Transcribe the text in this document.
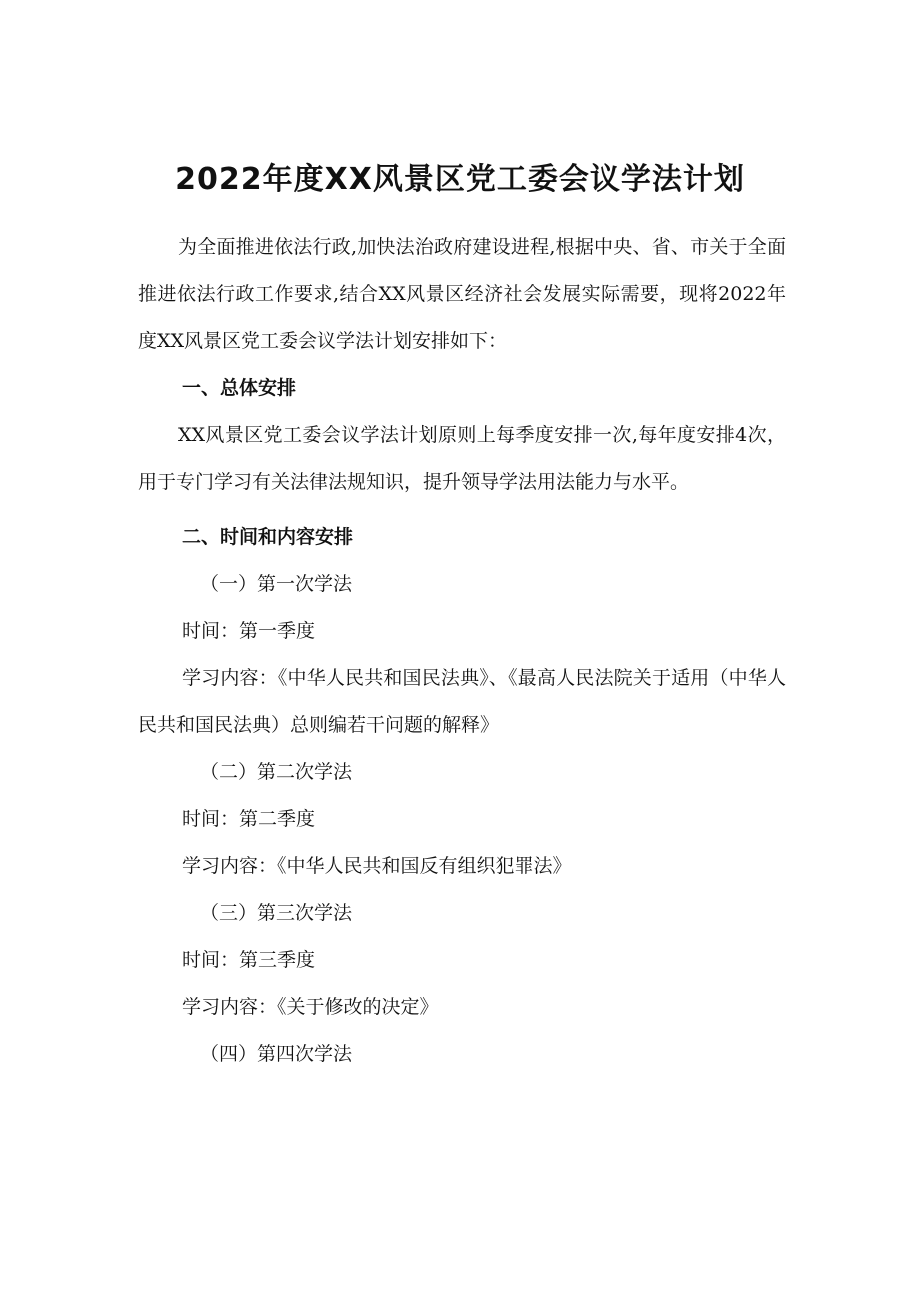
2022年度XX风景区党工委会议学法计划

为全面推进依法行政,加快法治政府建设进程,根据中央、省、市关于全面推进依法行政工作要求,结合XX风景区经济社会发展实际需要，现将2022年度XX风景区党工委会议学法计划安排如下：

一、总体安排

XX风景区党工委会议学法计划原则上每季度安排一次,每年度安排4次，用于专门学习有关法律法规知识，提升领导学法用法能力与水平。

二、时间和内容安排

（一）第一次学法

时间：第一季度

学习内容：《中华人民共和国民法典》、《最高人民法院关于适用（中华人民共和国民法典）总则编若干问题的解释》

（二）第二次学法

时间：第二季度

学习内容：《中华人民共和国反有组织犯罪法》

（三）第三次学法

时间：第三季度

学习内容：《关于修改的决定》

（四）第四次学法
